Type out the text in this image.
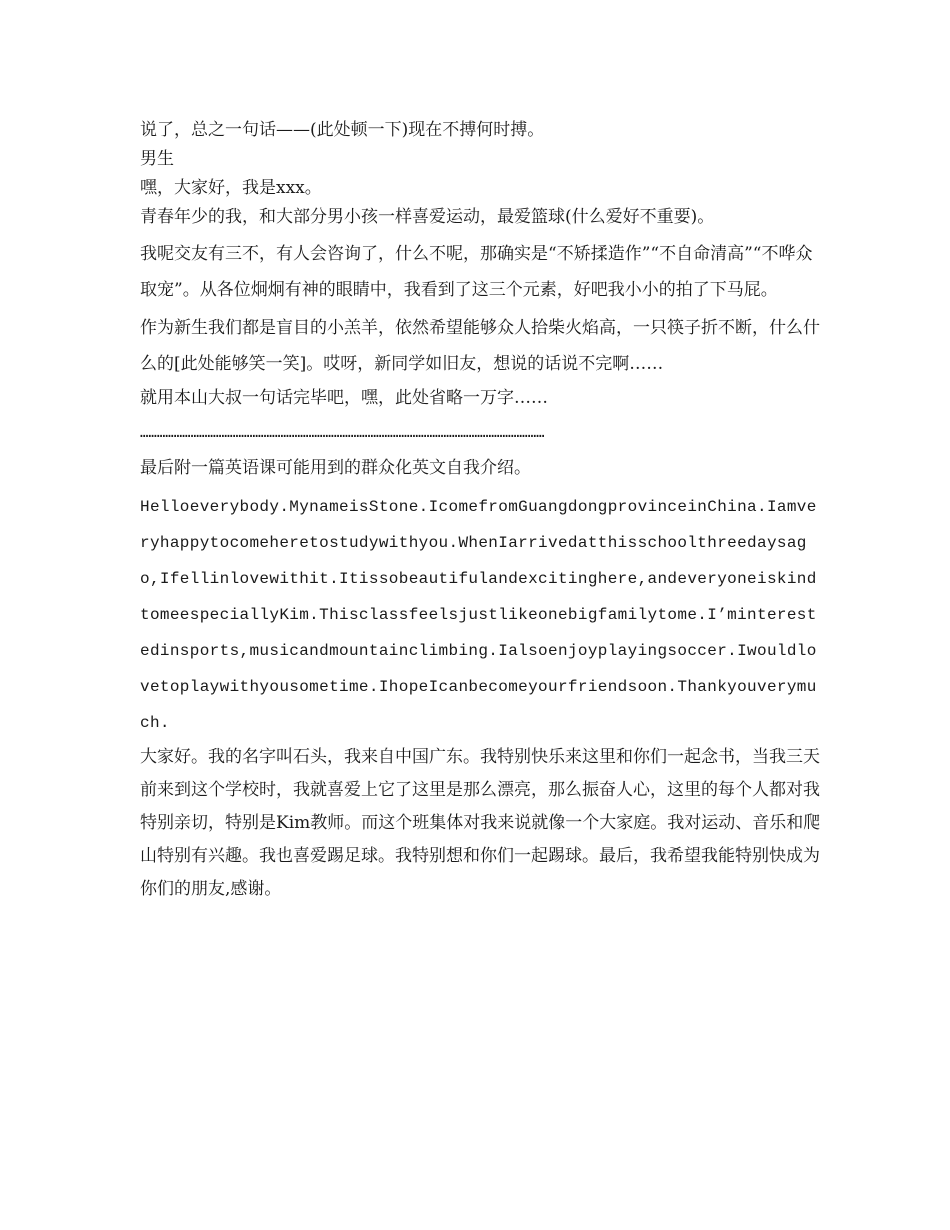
说了，总之一句话——(此处顿一下)现在不搏何时搏。
男生
嘿，大家好，我是xxx。
青春年少的我，和大部分男小孩一样喜爱运动，最爱篮球(什么爱好不重要)。
我呢交友有三不，有人会咨询了，什么不呢，那确实是“不矫揉造作”“不自命清高”“不哗众取宠”。从各位炯炯有神的眼睛中，我看到了这三个元素，好吧我小小的拍了下马屁。
作为新生我们都是盲目的小羔羊，依然希望能够众人拾柴火焰高，一只筷子折不断，什么什么的[此处能够笑一笑]。哎呀，新同学如旧友，想说的话说不完啊……
就用本山大叔一句话完毕吧，嘿，此处省略一万字……
………………………………………………………………………………………………………………………………
最后附一篇英语课可能用到的群众化英文自我介绍。
Helloeverybody.MynameisStone.IcomefromGuangdongprovinceinChina.Iamveryhappytocomeheretostudywithyou.WhenIarrivedatthisschoolthreedaysago,Ifellinlovewithit.Itissobeautifulandexcitinghere,andeveryoneiskindtomeespeciallyKim.Thisclassfeelsjustlikeonebigfamilytome.I’minterestedinsports,musicandmountainclimbing.Ialsoenjoyplayingsoccer.Iwouldlovetoplaywithyousometime.IhopeIcanbecomeyourfriendsoon.Thankyouverymuch.
大家好。我的名字叫石头，我来自中国广东。我特别快乐来这里和你们一起念书，当我三天前来到这个学校时，我就喜爱上它了这里是那么漂亮，那么振奋人心，这里的每个人都对我特别亲切，特别是Kim教师。而这个班集体对我来说就像一个大家庭。我对运动、音乐和爬山特别有兴趣。我也喜爱踢足球。我特别想和你们一起踢球。最后，我希望我能特别快成为你们的朋友,感谢。
